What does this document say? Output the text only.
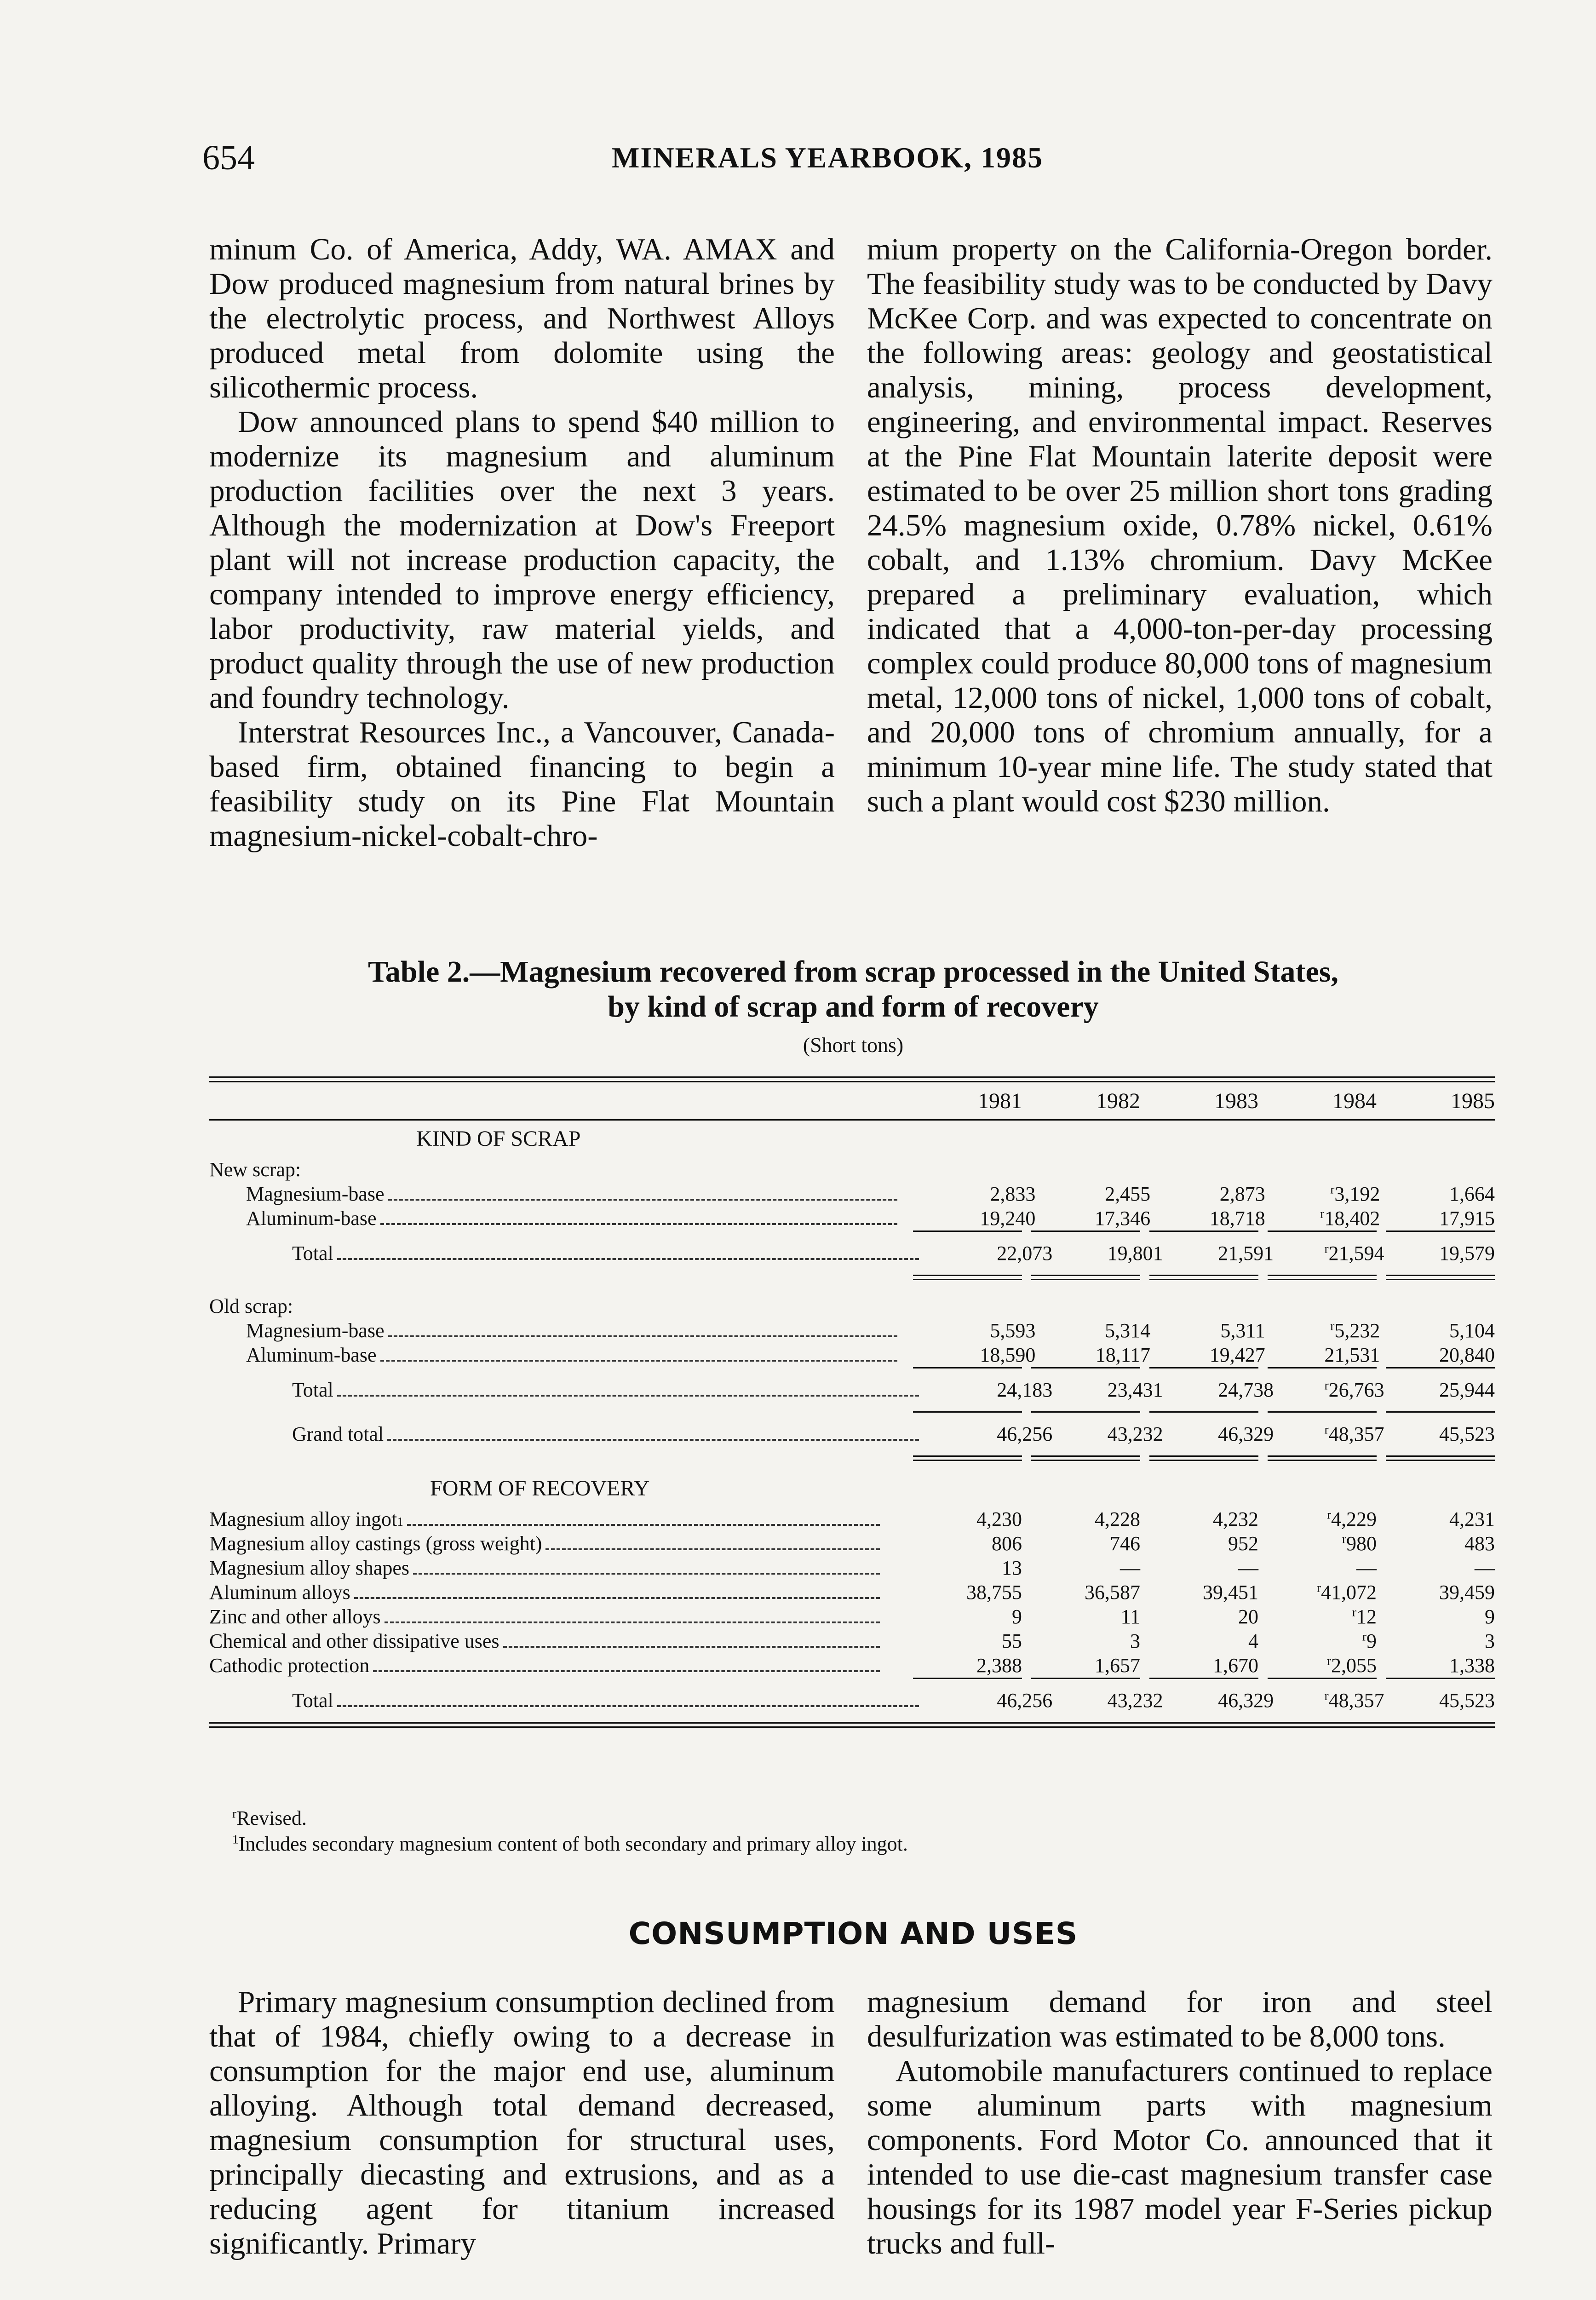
654	MINERALS YEARBOOK, 1985

minum Co. of America, Addy, WA. AMAX and Dow produced magnesium from natural brines by the electrolytic process, and Northwest Alloys produced metal from dolomite using the silicothermic process.

Dow announced plans to spend $40 million to modernize its magnesium and aluminum production facilities over the next 3 years. Although the modernization at Dow's Freeport plant will not increase production capacity, the company intended to improve energy efficiency, labor productivity, raw material yields, and product quality through the use of new production and foundry technology.

Interstrat Resources Inc., a Vancouver, Canada-based firm, obtained financing to begin a feasibility study on its Pine Flat Mountain magnesium-nickel-cobalt-chro-

mium property on the California-Oregon border. The feasibility study was to be conducted by Davy McKee Corp. and was expected to concentrate on the following areas: geology and geostatistical analysis, mining, process development, engineering, and environmental impact. Reserves at the Pine Flat Mountain laterite deposit were estimated to be over 25 million short tons grading 24.5% magnesium oxide, 0.78% nickel, 0.61% cobalt, and 1.13% chromium. Davy McKee prepared a preliminary evaluation, which indicated that a 4,000-ton-per-day processing complex could produce 80,000 tons of magnesium metal, 12,000 tons of nickel, 1,000 tons of cobalt, and 20,000 tons of chromium annually, for a minimum 10-year mine life. The study stated that such a plant would cost $230 million.

Table 2.—Magnesium recovered from scrap processed in the United States,
by kind of scrap and form of recovery
(Short tons)
1981	1982	1983	1984	1985
KIND OF SCRAP
New scrap:
Magnesium-base	2,833	2,455	2,873	$^r$3,192	1,664
Aluminum-base	19,240	17,346	18,718	$^r$18,402	17,915
Total	22,073	19,801	21,591	$^r$21,594	19,579
Old scrap:
Magnesium-base	5,593	5,314	5,311	$^r$5,232	5,104
Aluminum-base	18,590	18,117	19,427	21,531	20,840
Total	24,183	23,431	24,738	$^r$26,763	25,944
Grand total	46,256	43,232	46,329	$^r$48,357	45,523
FORM OF RECOVERY
Magnesium alloy ingot 1	4,230	4,228	4,232	$^r$4,229	4,231
Magnesium alloy castings (gross weight)	806	746	952	$^r$980	483
Magnesium alloy shapes	13	—	—	—	—
Aluminum alloys	38,755	36,587	39,451	$^r$41,072	39,459
Zinc and other alloys	9	11	20	$^r$12	9
Chemical and other dissipative uses	55	3	4	$^r$9	3
Cathodic protection	2,388	1,657	1,670	$^r$2,055	1,338
Total	46,256	43,232	46,329	$^r$48,357	45,523
$^r$Revised.
$^1$Includes secondary magnesium content of both secondary and primary alloy ingot.
CONSUMPTION AND USES

Primary magnesium consumption declined from that of 1984, chiefly owing to a decrease in consumption for the major end use, aluminum alloying. Although total demand decreased, magnesium consumption for structural uses, principally diecasting and extrusions, and as a reducing agent for titanium increased significantly. Primary

magnesium demand for iron and steel desulfurization was estimated to be 8,000 tons.

Automobile manufacturers continued to replace some aluminum parts with magnesium components. Ford Motor Co. announced that it intended to use die-cast magnesium transfer case housings for its 1987 model year F-Series pickup trucks and full-
